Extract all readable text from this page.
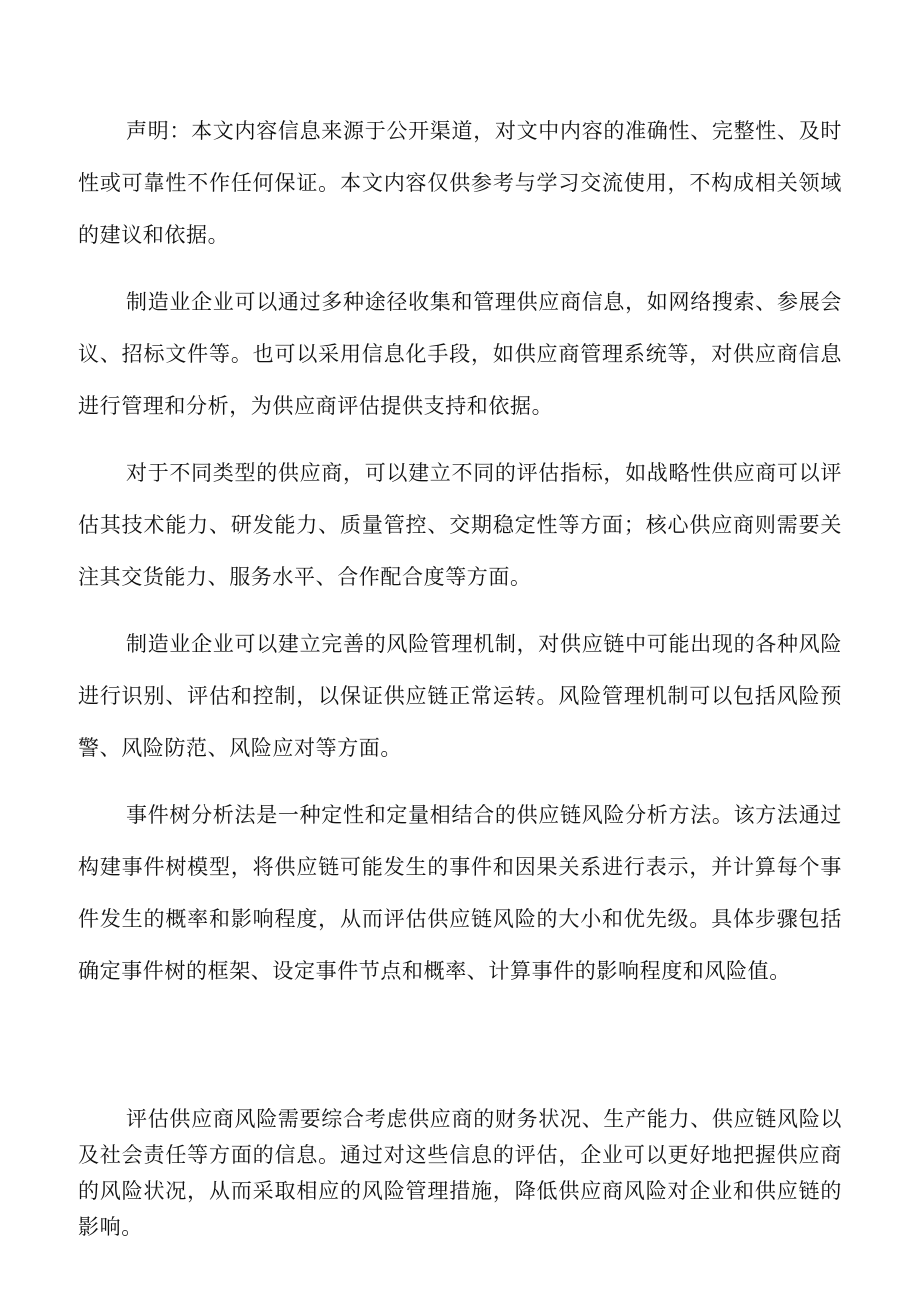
声明：本文内容信息来源于公开渠道，对文中内容的准确性、完整性、及时性或可靠性不作任何保证。本文内容仅供参考与学习交流使用，不构成相关领域的建议和依据。

制造业企业可以通过多种途径收集和管理供应商信息，如网络搜索、参展会议、招标文件等。也可以采用信息化手段，如供应商管理系统等，对供应商信息进行管理和分析，为供应商评估提供支持和依据。

对于不同类型的供应商，可以建立不同的评估指标，如战略性供应商可以评估其技术能力、研发能力、质量管控、交期稳定性等方面；核心供应商则需要关注其交货能力、服务水平、合作配合度等方面。

制造业企业可以建立完善的风险管理机制，对供应链中可能出现的各种风险进行识别、评估和控制，以保证供应链正常运转。风险管理机制可以包括风险预警、风险防范、风险应对等方面。

事件树分析法是一种定性和定量相结合的供应链风险分析方法。该方法通过构建事件树模型，将供应链可能发生的事件和因果关系进行表示，并计算每个事件发生的概率和影响程度，从而评估供应链风险的大小和优先级。具体步骤包括确定事件树的框架、设定事件节点和概率、计算事件的影响程度和风险值。

评估供应商风险需要综合考虑供应商的财务状况、生产能力、供应链风险以及社会责任等方面的信息。通过对这些信息的评估，企业可以更好地把握供应商的风险状况，从而采取相应的风险管理措施，降低供应商风险对企业和供应链的影响。
